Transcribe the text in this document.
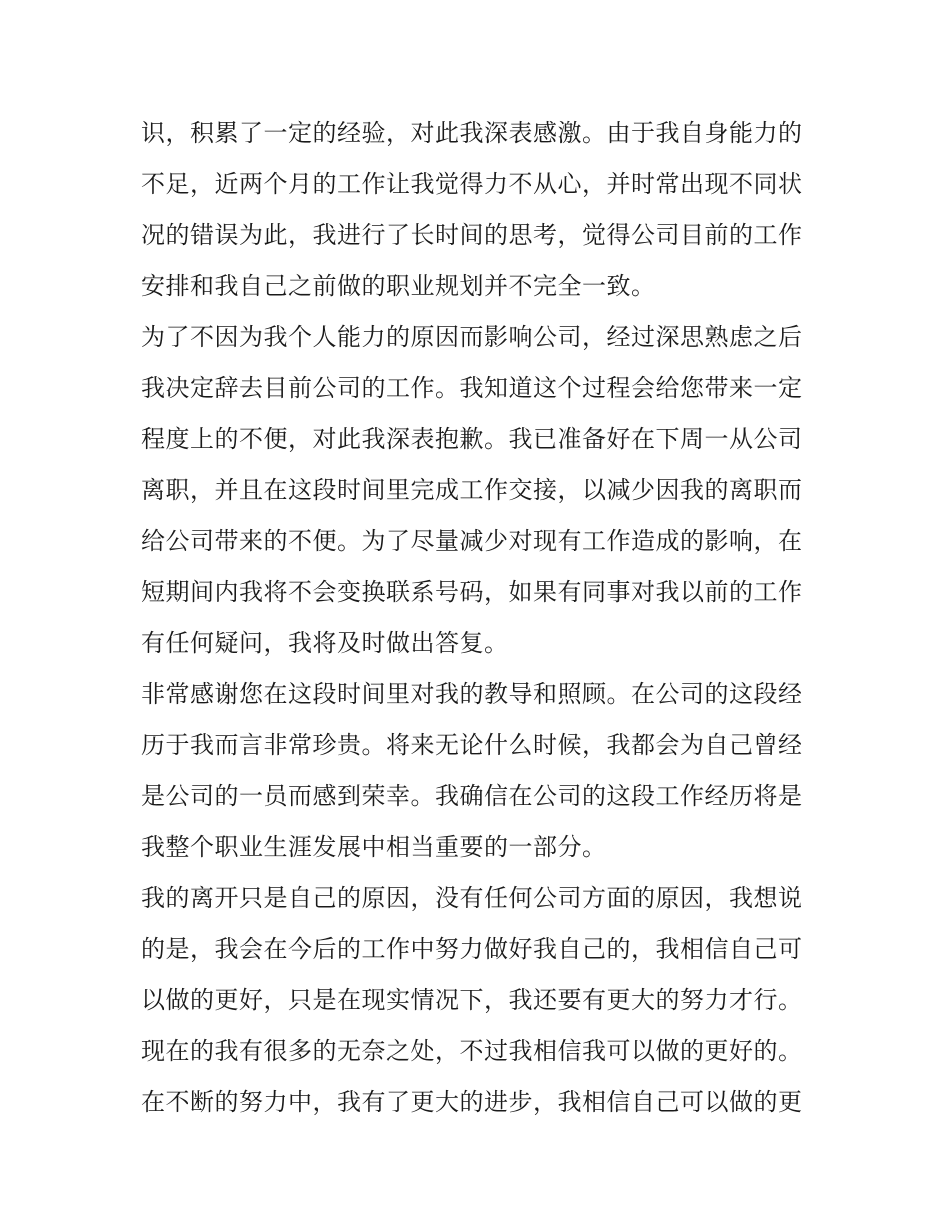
识，积累了一定的经验，对此我深表感激。由于我自身能力的
不足，近两个月的工作让我觉得力不从心，并时常出现不同状
况的错误为此，我进行了长时间的思考，觉得公司目前的工作
安排和我自己之前做的职业规划并不完全一致。
为了不因为我个人能力的原因而影响公司，经过深思熟虑之后
我决定辞去目前公司的工作。我知道这个过程会给您带来一定
程度上的不便，对此我深表抱歉。我已准备好在下周一从公司
离职，并且在这段时间里完成工作交接，以减少因我的离职而
给公司带来的不便。为了尽量减少对现有工作造成的影响，在
短期间内我将不会变换联系号码，如果有同事对我以前的工作
有任何疑问，我将及时做出答复。
非常感谢您在这段时间里对我的教导和照顾。在公司的这段经
历于我而言非常珍贵。将来无论什么时候，我都会为自己曾经
是公司的一员而感到荣幸。我确信在公司的这段工作经历将是
我整个职业生涯发展中相当重要的一部分。
我的离开只是自己的原因，没有任何公司方面的原因，我想说
的是，我会在今后的工作中努力做好我自己的，我相信自己可
以做的更好，只是在现实情况下，我还要有更大的努力才行。
现在的我有很多的无奈之处，不过我相信我可以做的更好的。
在不断的努力中，我有了更大的进步，我相信自己可以做的更
